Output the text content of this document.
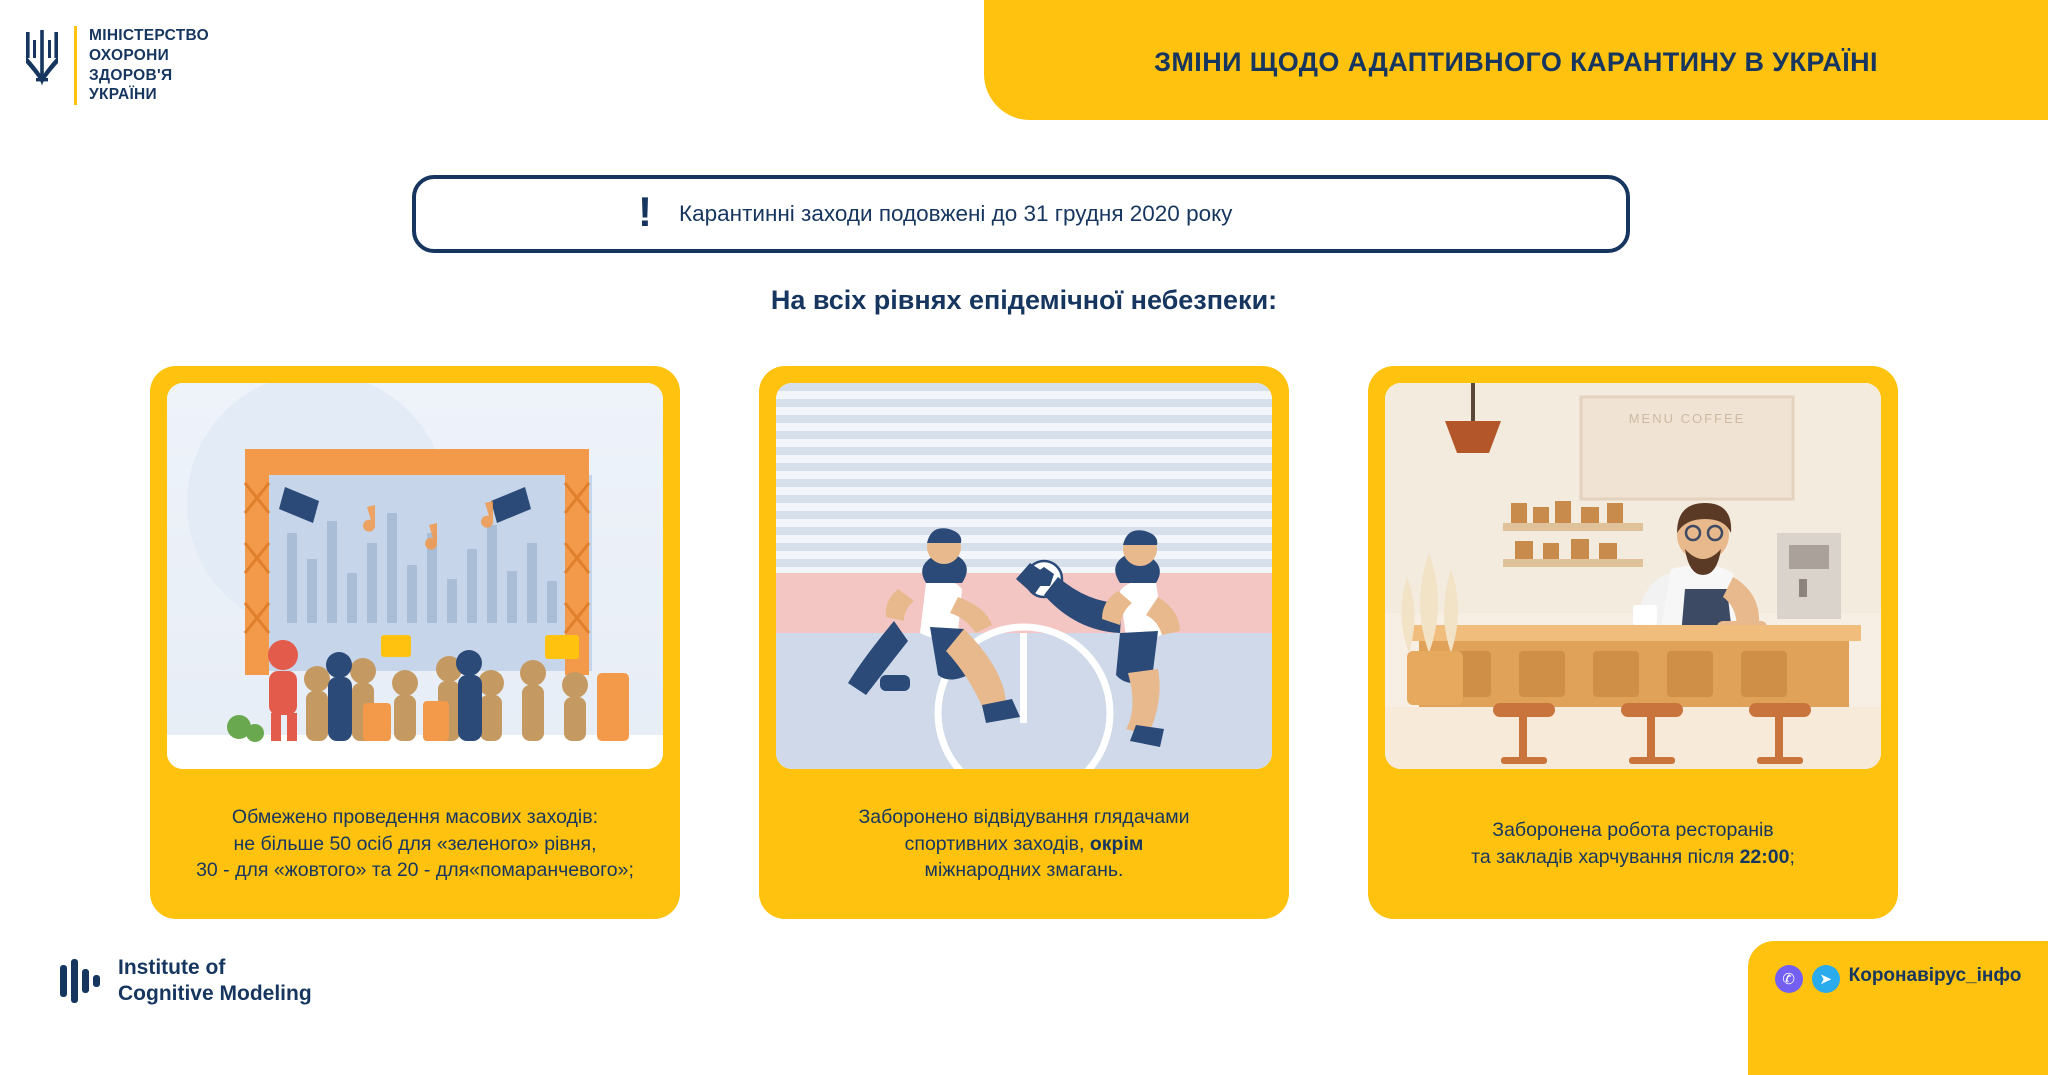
ЗМІНИ ЩОДО АДАПТИВНОГО КАРАНТИНУ В УКРАЇНІ
МІНІСТЕРСТВО
ОХОРОНИ
ЗДОРОВ'Я
УКРАЇНИ
! Карантинні заходи подовжені до 31 грудня 2020 року
На всіх рівнях епідемічної небезпеки:
Обмежено проведення масових заходів:
не більше 50 осіб для «зеленого» рівня,
30 - для «жовтого» та 20 - для«помаранчевого»;
Заборонено відвідування глядачами
спортивних заходів, окрім
міжнародних змагань.
MENU COFFEE
Заборонена робота ресторанів
та закладів харчування після 22:00;
Institute of
Cognitive Modeling
✆	➤ Коронавірус_інфо
